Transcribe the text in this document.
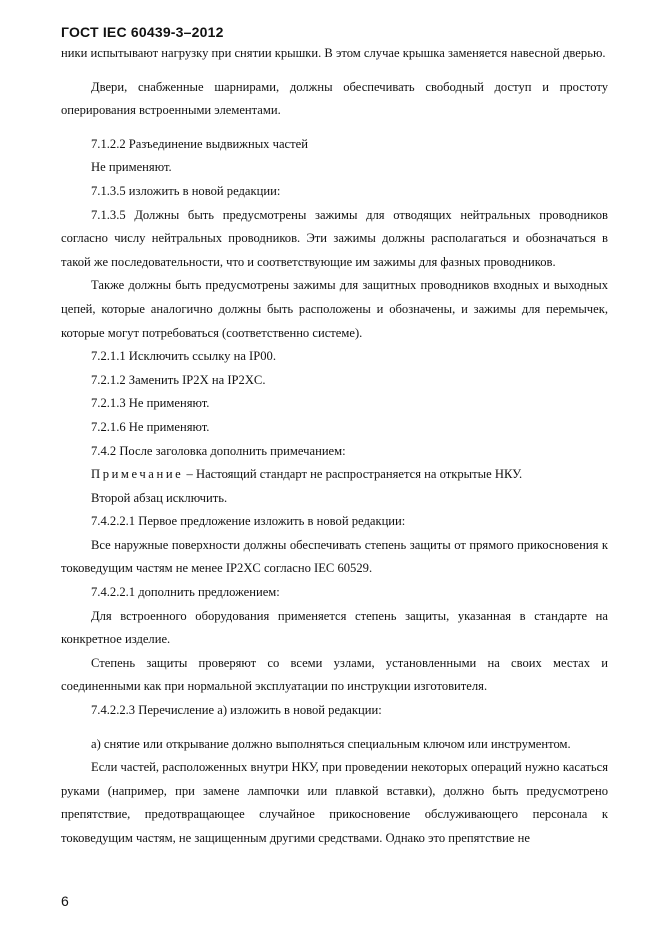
ГОСТ IEC 60439-3–2012

ники испытывают нагрузку при снятии крышки. В этом случае крышка заменяется навесной дверью.

Двери, снабженные шарнирами, должны обеспечивать свободный доступ и простоту оперирования встроенными элементами.

7.1.2.2 Разъединение выдвижных частей

Не применяют.

7.1.3.5 изложить в новой редакции:

7.1.3.5 Должны быть предусмотрены зажимы для отводящих нейтральных проводников согласно числу нейтральных проводников. Эти зажимы должны располагаться и обозначаться в такой же последовательности, что и соответствующие им зажимы для фазных проводников.

Также должны быть предусмотрены зажимы для защитных проводников входных и выходных цепей, которые аналогично должны быть расположены и обозначены, и зажимы для перемычек, которые могут потребоваться (соответственно системе).

7.2.1.1 Исключить ссылку на IP00.

7.2.1.2 Заменить IP2X на IP2XC.

7.2.1.3 Не применяют.

7.2.1.6 Не применяют.

7.4.2 После заголовка дополнить примечанием:

Примечание – Настоящий стандарт не распространяется на открытые НКУ.

Второй абзац исключить.

7.4.2.2.1 Первое предложение изложить в новой редакции:

Все наружные поверхности должны обеспечивать степень защиты от прямого прикосновения к токоведущим частям не менее IP2XC согласно IEC 60529.

7.4.2.2.1 дополнить предложением:

Для встроенного оборудования применяется степень защиты, указанная в стандарте на конкретное изделие.

Степень защиты проверяют со всеми узлами, установленными на своих местах и соединенными как при нормальной эксплуатации по инструкции изготовителя.

7.4.2.2.3 Перечисление а) изложить в новой редакции:

а) снятие или открывание должно выполняться специальным ключом или инструментом.

Если частей, расположенных внутри НКУ, при проведении некоторых операций нужно касаться руками (например, при замене лампочки или плавкой вставки), должно быть предусмотрено препятствие, предотвращающее случайное прикосновение обслуживающего персонала к токоведущим частям, не защищенным другими средствами. Однако это препятствие не

6
